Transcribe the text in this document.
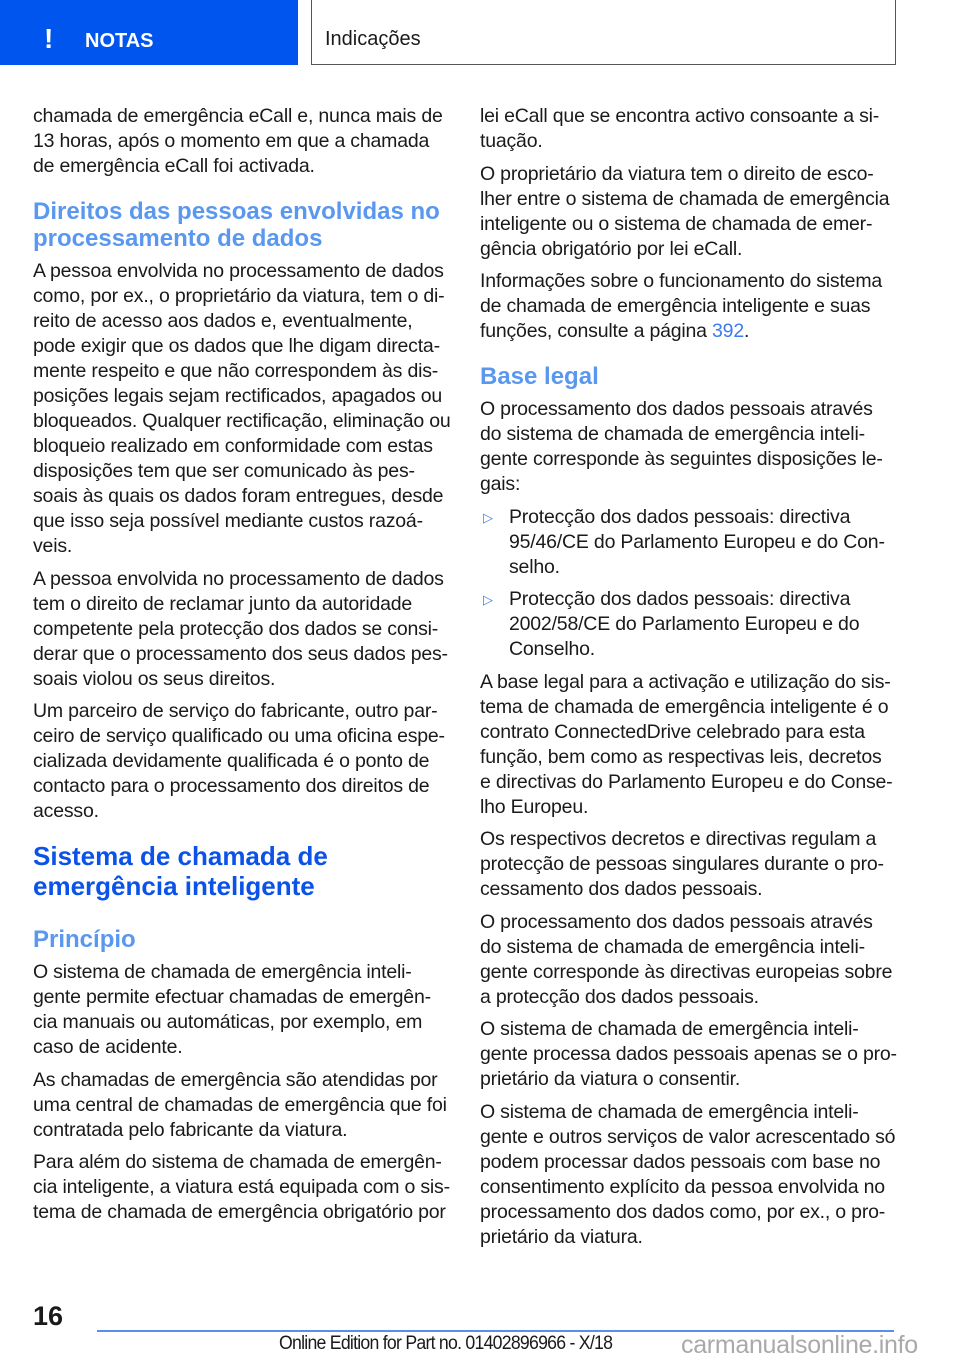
! NOTAS	Indicações

chamada de emergência eCall e, nunca mais de
13 horas, após o momento em que a chamada
de emergência eCall foi activada.

Direitos das pessoas envolvidas no
processamento de dados

A pessoa envolvida no processamento de dados
como, por ex., o proprietário da viatura, tem o di-
reito de acesso aos dados e, eventualmente,
pode exigir que os dados que lhe digam directa-
mente respeito e que não correspondem às dis-
posições legais sejam rectificados, apagados ou
bloqueados. Qualquer rectificação, eliminação ou
bloqueio realizado em conformidade com estas
disposições tem que ser comunicado às pes-
soais às quais os dados foram entregues, desde
que isso seja possível mediante custos razoá-
veis.

A pessoa envolvida no processamento de dados
tem o direito de reclamar junto da autoridade
competente pela protecção dos dados se consi-
derar que o processamento dos seus dados pes-
soais violou os seus direitos.

Um parceiro de serviço do fabricante, outro par-
ceiro de serviço qualificado ou uma oficina espe-
cializada devidamente qualificada é o ponto de
contacto para o processamento dos direitos de
acesso.

Sistema de chamada de
emergência inteligente
Princípio

O sistema de chamada de emergência inteli-
gente permite efectuar chamadas de emergên-
cia manuais ou automáticas, por exemplo, em
caso de acidente.

As chamadas de emergência são atendidas por
uma central de chamadas de emergência que foi
contratada pelo fabricante da viatura.

Para além do sistema de chamada de emergên-
cia inteligente, a viatura está equipada com o sis-
tema de chamada de emergência obrigatório por

lei eCall que se encontra activo consoante a si-
tuação.

O proprietário da viatura tem o direito de esco-
lher entre o sistema de chamada de emergência
inteligente ou o sistema de chamada de emer-
gência obrigatório por lei eCall.

Informações sobre o funcionamento do sistema
de chamada de emergência inteligente e suas
funções, consulte a página 392.

Base legal

O processamento dos dados pessoais através
do sistema de chamada de emergência inteli-
gente corresponde às seguintes disposições le-
gais:

▷ Protecção dos dados pessoais: directiva
95/46/CE do Parlamento Europeu e do Con-
selho.

▷ Protecção dos dados pessoais: directiva
2002/58/CE do Parlamento Europeu e do
Conselho.

A base legal para a activação e utilização do sis-
tema de chamada de emergência inteligente é o
contrato ConnectedDrive celebrado para esta
função, bem como as respectivas leis, decretos
e directivas do Parlamento Europeu e do Conse-
lho Europeu.

Os respectivos decretos e directivas regulam a
protecção de pessoas singulares durante o pro-
cessamento dos dados pessoais.

O processamento dos dados pessoais através
do sistema de chamada de emergência inteli-
gente corresponde às directivas europeias sobre
a protecção dos dados pessoais.

O sistema de chamada de emergência inteli-
gente processa dados pessoais apenas se o pro-
prietário da viatura o consentir.

O sistema de chamada de emergência inteli-
gente e outros serviços de valor acrescentado só
podem processar dados pessoais com base no
consentimento explícito da pessoa envolvida no
processamento dos dados como, por ex., o pro-
prietário da viatura.

16
Online Edition for Part no. 01402896966 - X/18	carmanualsonline.info
